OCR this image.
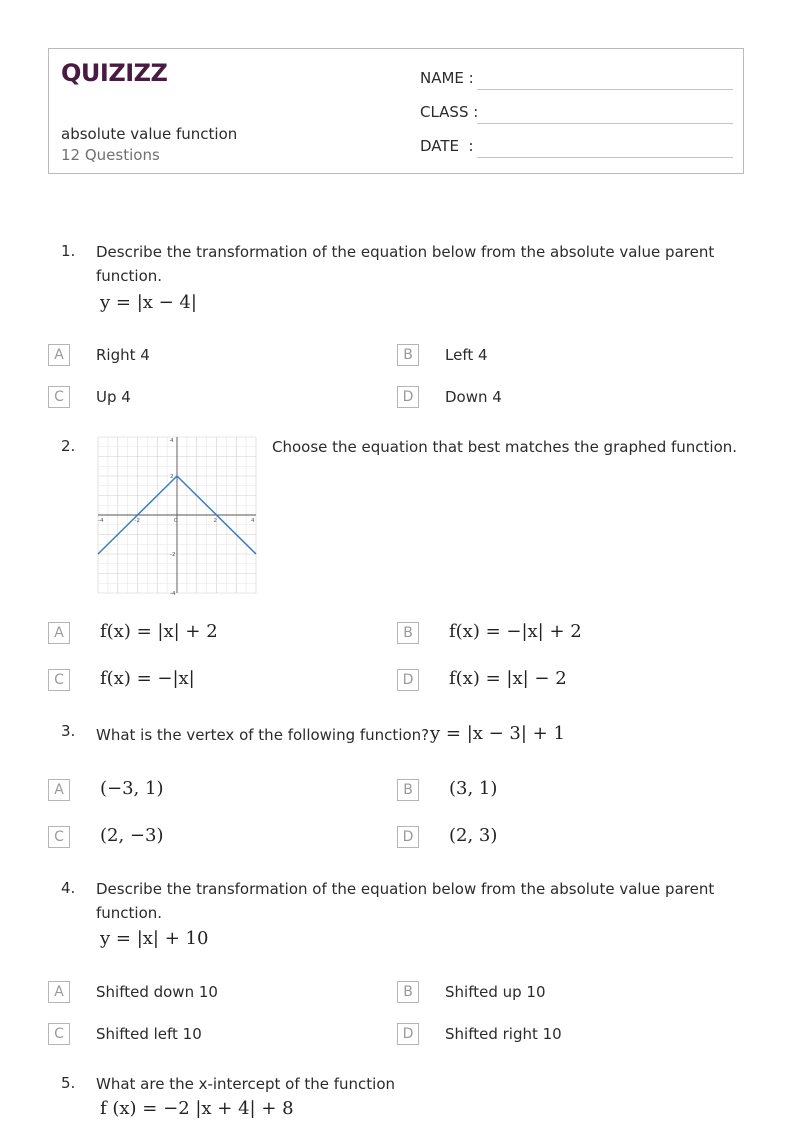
QUIZIZZ
absolute value function
12 Questions
NAME :
CLASS :
DATE  :
1. Describe the transformation of the equation below from the absolute value parent
function.
y = |x − 4|
A	Right 4	B	Left 4
C	Up 4	D	Down 4
2.
-4	-2	0	2	4
4
2
-2
-4
Choose the equation that best matches the graphed function.
A	f(x) = |x| + 2	B	f(x) = −|x| + 2
C	f(x) = −|x|	D	f(x) = |x| − 2
3. What is the vertex of the following function? y = |x − 3| + 1
A	(−3, 1)	B	(3, 1)
C	(2, −3)	D	(2, 3)
4. Describe the transformation of the equation below from the absolute value parent
function.
y = |x| + 10
A	Shifted down 10	B	Shifted up 10
C	Shifted left 10	D	Shifted right 10
5. What are the x-intercept of the function
f (x) = −2 |x + 4| + 8
